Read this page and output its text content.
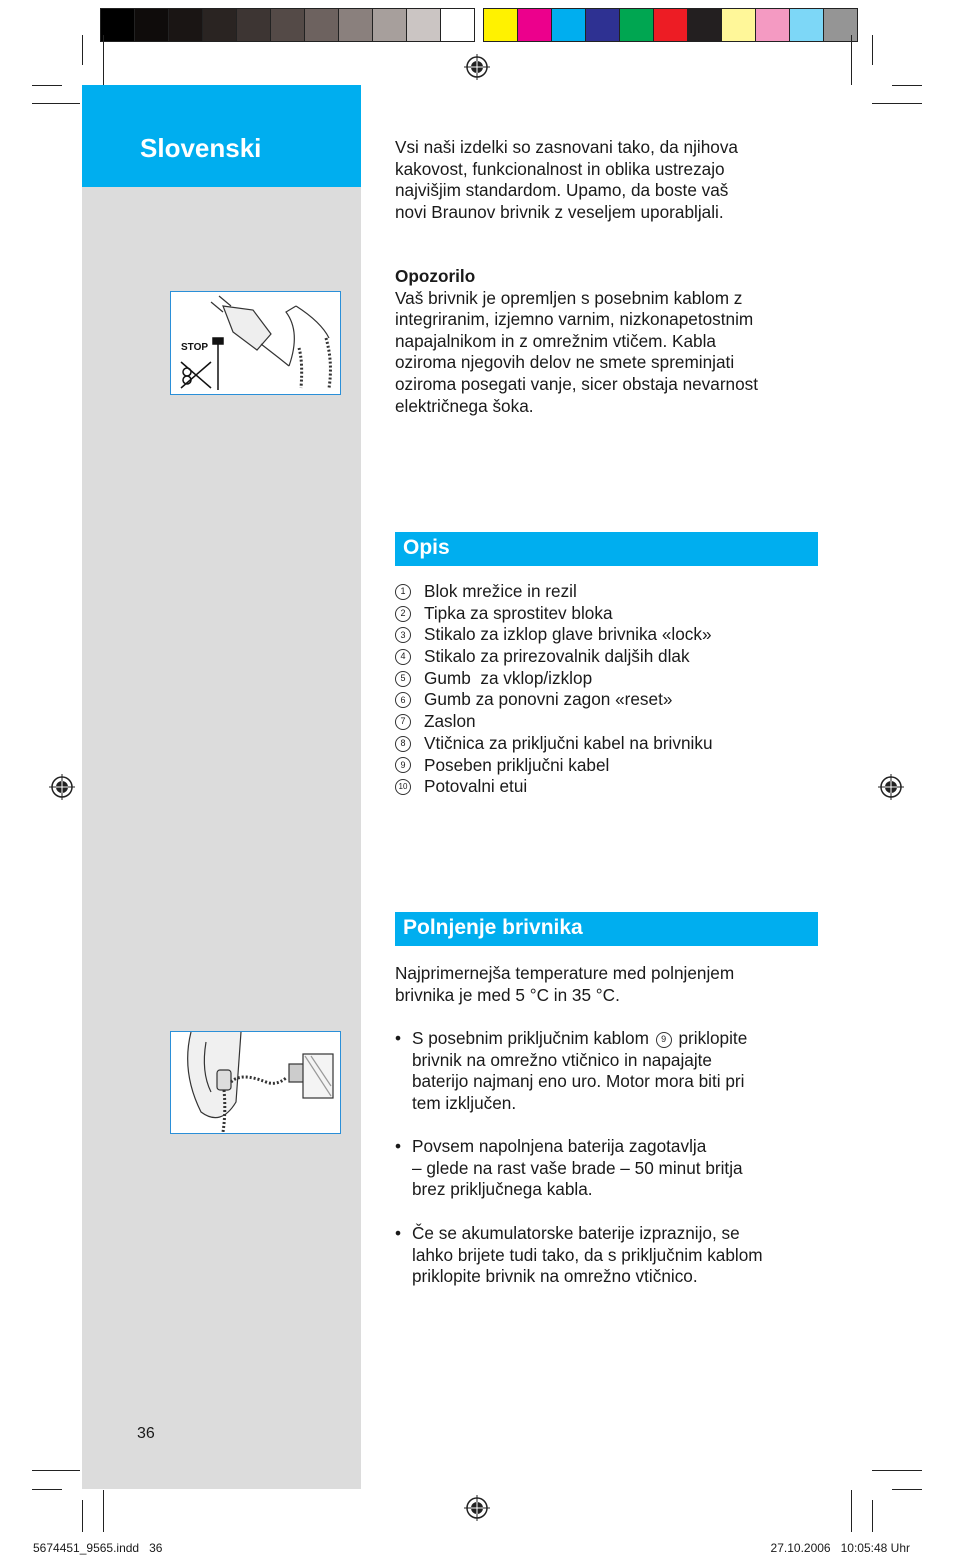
Slovenski
STOP
36

Vsi naši izdelki so zasnovani tako, da njihova

kakovost, funkcionalnost in oblika ustrezajo

najvišjim standardom. Upamo, da boste vaš

novi Braunov brivnik z veseljem uporabljali.

Opozorilo

Vaš brivnik je opremljen s posebnim kablom z

integriranim, izjemno varnim, nizkonapetostnim

napajalnikom in z omrežnim vtičem. Kabla

oziroma njegovih delov ne smete spreminjati

oziroma posegati vanje, sicer obstaja nevarnost

električnega šoka.

Opis
1	Blok mrežice in rezil
2	Tipka za sprostitev bloka
3	Stikalo za izklop glave brivnika «lock»
4	Stikalo za prirezovalnik daljših dlak
5	Gumb  za vklop/izklop
6	Gumb za ponovni zagon «reset»
7	Zaslon
8	Vtičnica za priključni kabel na brivniku
9	Poseben priključni kabel
10 Potovalni etui
Polnjenje brivnika

Najprimernejša temperature med polnjenjem

brivnika je med 5 °C in 35 °C.

• S posebnim priključnim kablom 9 priklopite
brivnik na omrežno vtičnico in napajajte
baterijo najmanj eno uro. Motor mora biti pri
tem izključen.
• Povsem napolnjena baterija zagotavlja
– glede na rast vaše brade – 50 minut britja
brez priključnega kabla.
• Če se akumulatorske baterije izpraznijo, se
lahko brijete tudi tako, da s priključnim kablom
priklopite brivnik na omrežno vtičnico.
5674451_9565.indd   36	27.10.2006   10:05:48 Uhr
